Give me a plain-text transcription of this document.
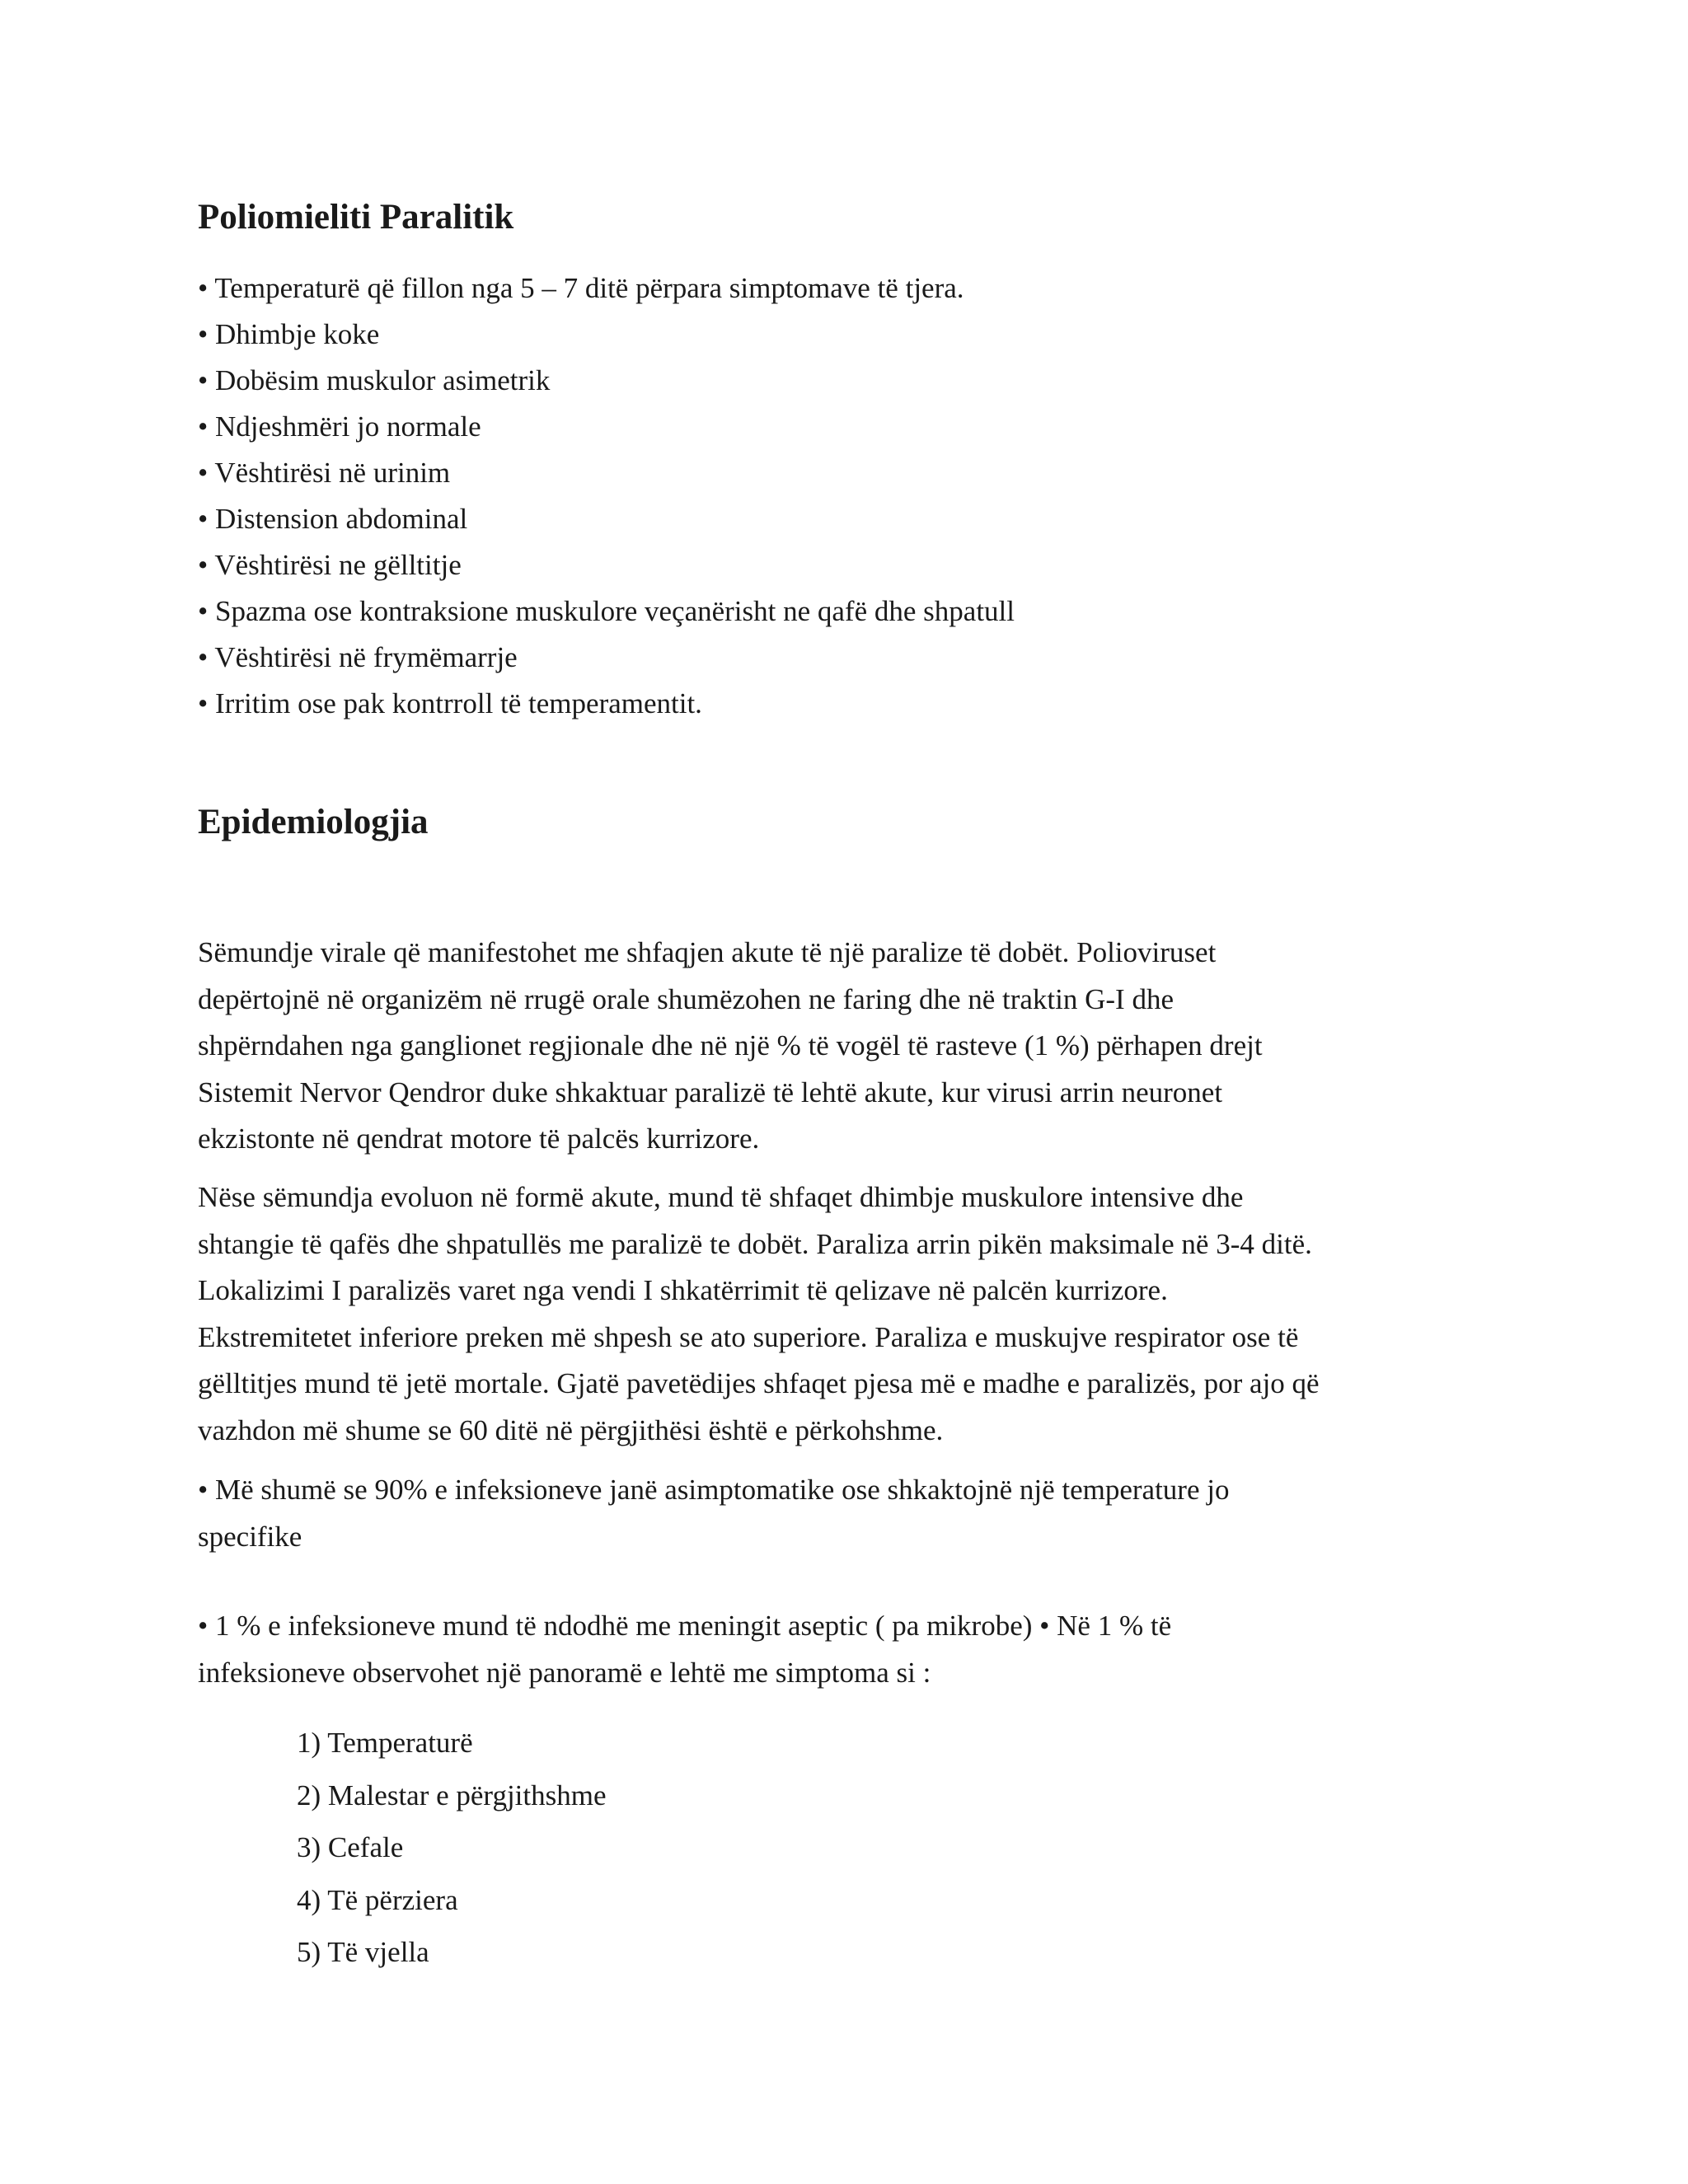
Poliomieliti Paralitik
• Temperaturë që fillon nga 5 – 7 ditë përpara simptomave të tjera.
• Dhimbje koke
• Dobësim muskulor asimetrik
• Ndjeshmëri jo normale
• Vështirësi në urinim
• Distension abdominal
• Vështirësi ne gëlltitje
• Spazma ose kontraksione muskulore veçanërisht ne qafë dhe shpatull
• Vështirësi në frymëmarrje
• Irritim ose pak kontrroll të temperamentit.
Epidemiologjia

Sëmundje virale që manifestohet me shfaqjen akute të një paralize të dobët. Polioviruset
depërtojnë në organizëm në rrugë orale shumëzohen ne faring dhe në traktin G-I dhe
shpërndahen nga ganglionet regjionale dhe në një % të vogël të rasteve (1 %) përhapen drejt
Sistemit Nervor Qendror duke shkaktuar paralizë të lehtë akute, kur virusi arrin neuronet
ekzistonte në qendrat motore të palcës kurrizore.

Nëse sëmundja evoluon në formë akute, mund të shfaqet dhimbje muskulore intensive dhe
shtangie të qafës dhe shpatullës me paralizë te dobët. Paraliza arrin pikën maksimale në 3-4 ditë.
Lokalizimi I paralizës varet nga vendi I shkatërrimit të qelizave në palcën kurrizore.
Ekstremitetet inferiore preken më shpesh se ato superiore. Paraliza e muskujve respirator ose të
gëlltitjes mund të jetë mortale. Gjatë pavetëdijes shfaqet pjesa më e madhe e paralizës, por ajo që
vazhdon më shume se 60 ditë në përgjithësi është e përkohshme.

• Më shumë se 90% e infeksioneve janë asimptomatike ose shkaktojnë një temperature jo
specifike

• 1 % e infeksioneve mund të ndodhë me meningit aseptic ( pa mikrobe) • Në 1 % të
infeksioneve observohet një panoramë e lehtë me simptoma si :

1) Temperaturë
2) Malestar e përgjithshme
3) Cefale
4) Të përziera
5) Të vjella
